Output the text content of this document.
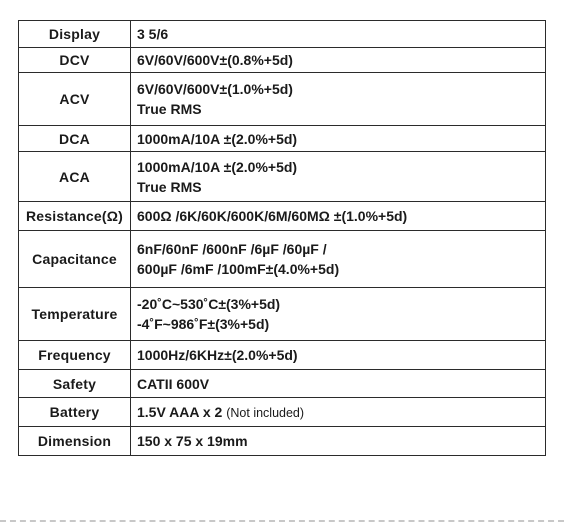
Display	3 5/6

DCV	6V/60V/600V±(0.8%+5d)

ACV	6V/60V/600V±(1.0%+5d)
True RMS

DCA	1000mA/10A ±(2.0%+5d)

ACA	1000mA/10A ±(2.0%+5d)
True RMS

Resistance(Ω)	600Ω /6K/60K/600K/6M/60MΩ ±(1.0%+5d)

Capacitance	6nF/60nF /600nF /6µF /60µF /
600µF /6mF /100mF±(4.0%+5d)

Temperature	-20˚C~530˚C±(3%+5d)
-4˚F~986˚F±(3%+5d)

Frequency	1000Hz/6KHz±(2.0%+5d)

Safety	CATII 600V

Battery	1.5V AAA x 2 (Not included)

Dimension	150 x 75 x 19mm
